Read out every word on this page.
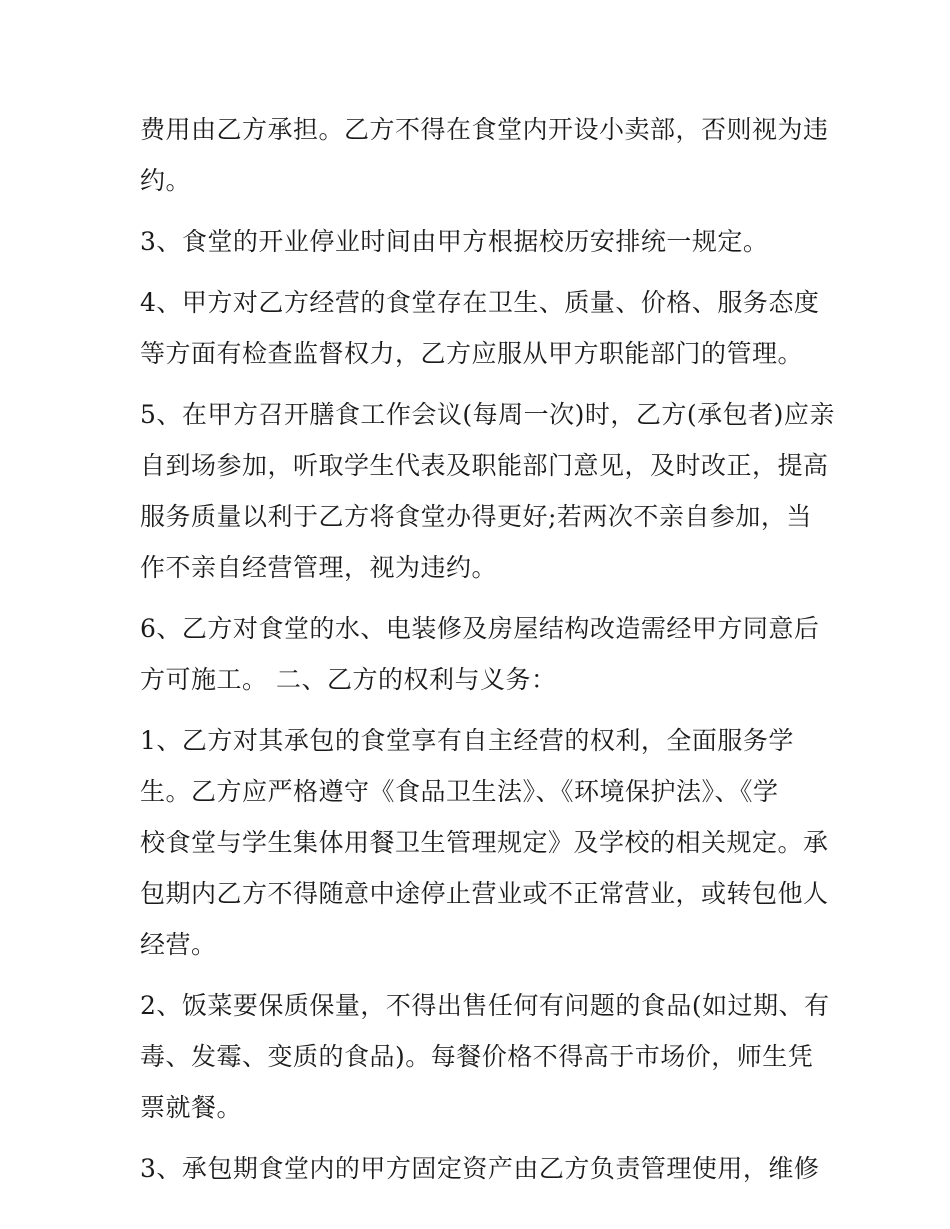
费用由乙方承担。乙方不得在食堂内开设小卖部，否则视为违
约。
3、食堂的开业停业时间由甲方根据校历安排统一规定。
4、甲方对乙方经营的食堂存在卫生、质量、价格、服务态度
等方面有检查监督权力，乙方应服从甲方职能部门的管理。
5、在甲方召开膳食工作会议(每周一次)时，乙方(承包者)应亲
自到场参加，听取学生代表及职能部门意见，及时改正，提高
服务质量以利于乙方将食堂办得更好;若两次不亲自参加，当
作不亲自经营管理，视为违约。
6、乙方对食堂的水、电装修及房屋结构改造需经甲方同意后
方可施工。 二、乙方的权利与义务：
1、乙方对其承包的食堂享有自主经营的权利，全面服务学
生。乙方应严格遵守《食品卫生法》、《环境保护法》、《学
校食堂与学生集体用餐卫生管理规定》及学校的相关规定。承
包期内乙方不得随意中途停止营业或不正常营业，或转包他人
经营。
2、饭菜要保质保量，不得出售任何有问题的食品(如过期、有
毒、发霉、变质的食品)。每餐价格不得高于市场价，师生凭
票就餐。
3、承包期食堂内的甲方固定资产由乙方负责管理使用，维修
